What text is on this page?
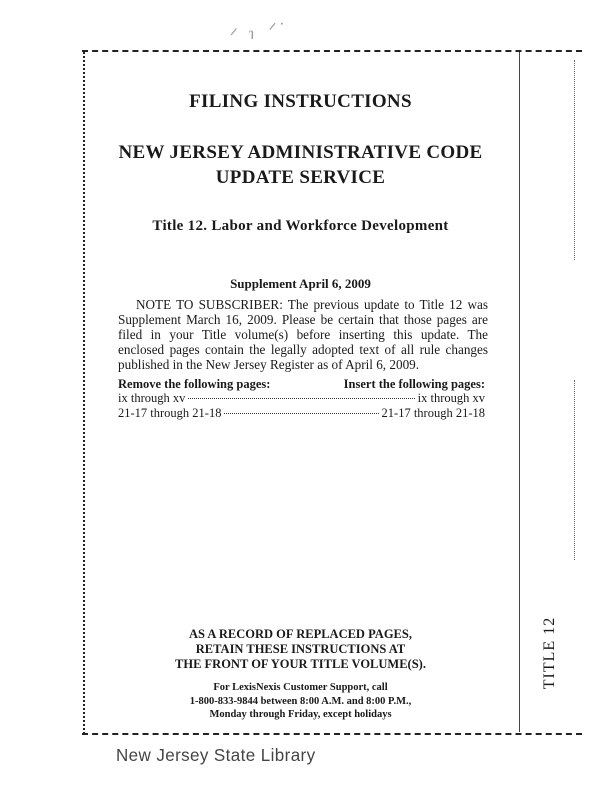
ᐟ ɿ ᐟ˙
FILING INSTRUCTIONS
NEW JERSEY ADMINISTRATIVE CODE
UPDATE SERVICE
Title 12. Labor and Workforce Development
Supplement April 6, 2009
NOTE TO SUBSCRIBER: The previous update to Title 12 was Supplement March 16, 2009. Please be certain that those pages are filed in your Title volume(s) before inserting this update. The enclosed pages contain the legally adopted text of all rule changes published in the New Jersey Register as of April 6, 2009.
Remove the following pages:	Insert the following pages:
ix through xv	ix through xv
21-17 through 21-18	21-17 through 21-18
AS A RECORD OF REPLACED PAGES,
RETAIN THESE INSTRUCTIONS AT
THE FRONT OF YOUR TITLE VOLUME(S).
For LexisNexis Customer Support, call
1-800-833-9844 between 8:00 A.M. and 8:00 P.M.,
Monday through Friday, except holidays
TITLE 12
New Jersey State Library
